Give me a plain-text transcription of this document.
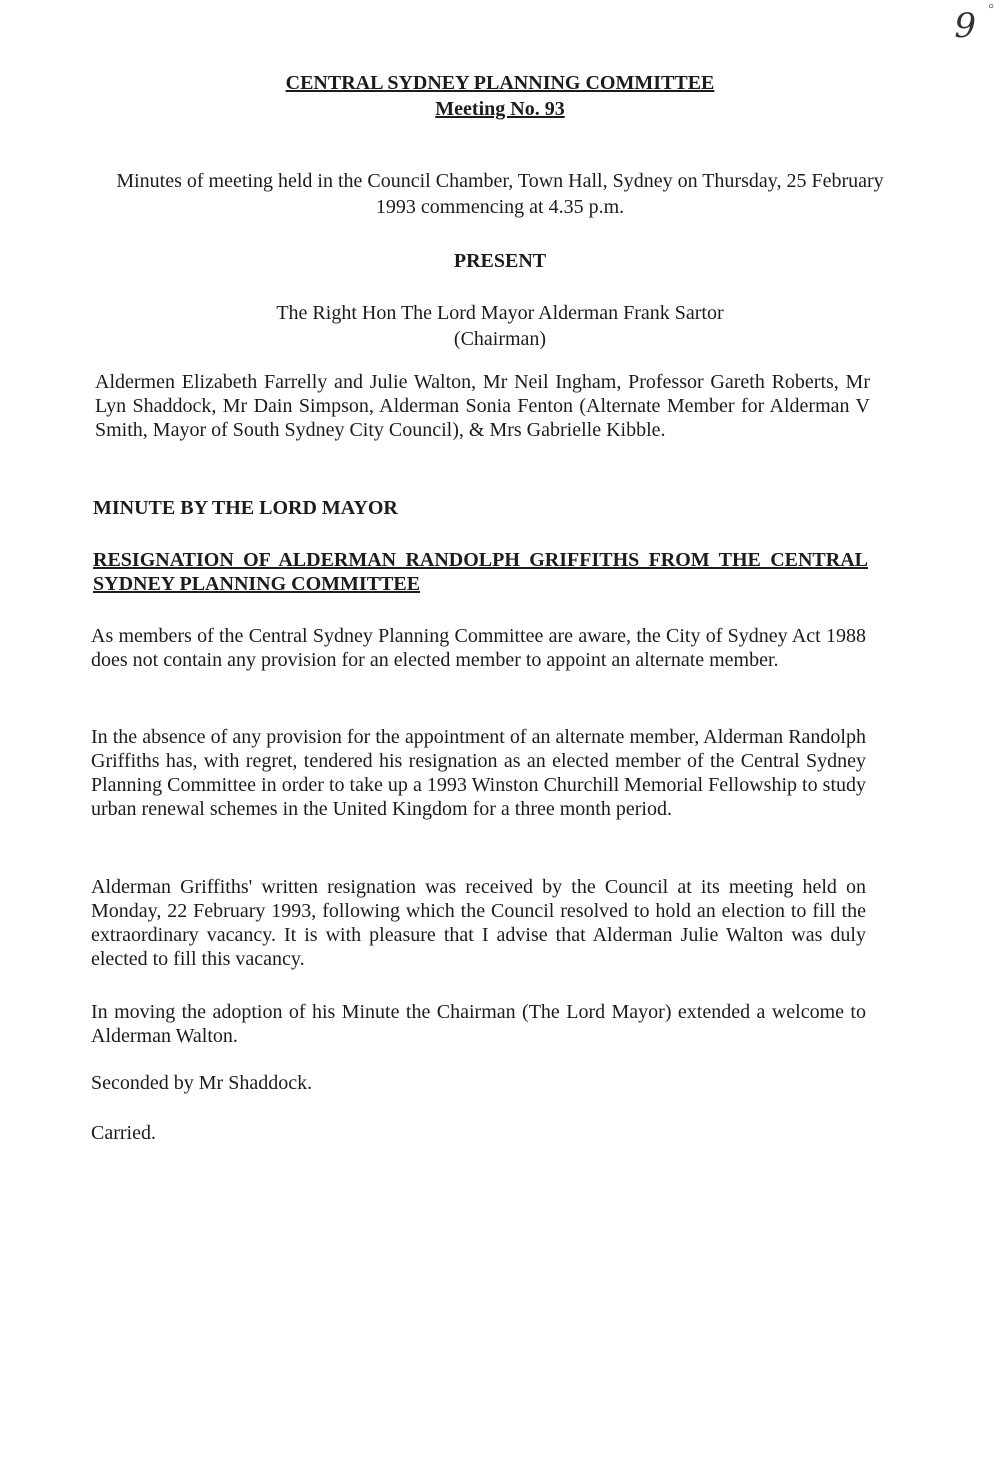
9 °
CENTRAL SYDNEY PLANNING COMMITTEE
Meeting No. 93
Minutes of meeting held in the Council Chamber, Town Hall, Sydney on Thursday, 25 February 1993 commencing at 4.35 p.m.
PRESENT
The Right Hon The Lord Mayor Alderman Frank Sartor
(Chairman)
Aldermen Elizabeth Farrelly and Julie Walton, Mr Neil Ingham, Professor Gareth Roberts, Mr Lyn Shaddock, Mr Dain Simpson, Alderman Sonia Fenton (Alternate Member for Alderman V Smith, Mayor of South Sydney City Council), & Mrs Gabrielle Kibble.
MINUTE BY THE LORD MAYOR
RESIGNATION OF ALDERMAN RANDOLPH GRIFFITHS FROM THE CENTRAL SYDNEY PLANNING COMMITTEE
As members of the Central Sydney Planning Committee are aware, the City of Sydney Act 1988 does not contain any provision for an elected member to appoint an alternate member.
In the absence of any provision for the appointment of an alternate member, Alderman Randolph Griffiths has, with regret, tendered his resignation as an elected member of the Central Sydney Planning Committee in order to take up a 1993 Winston Churchill Memorial Fellowship to study urban renewal schemes in the United Kingdom for a three month period.
Alderman Griffiths' written resignation was received by the Council at its meeting held on Monday, 22 February 1993, following which the Council resolved to hold an election to fill the extraordinary vacancy. It is with pleasure that I advise that Alderman Julie Walton was duly elected to fill this vacancy.
In moving the adoption of his Minute the Chairman (The Lord Mayor) extended a welcome to Alderman Walton.
Seconded by Mr Shaddock.
Carried.
